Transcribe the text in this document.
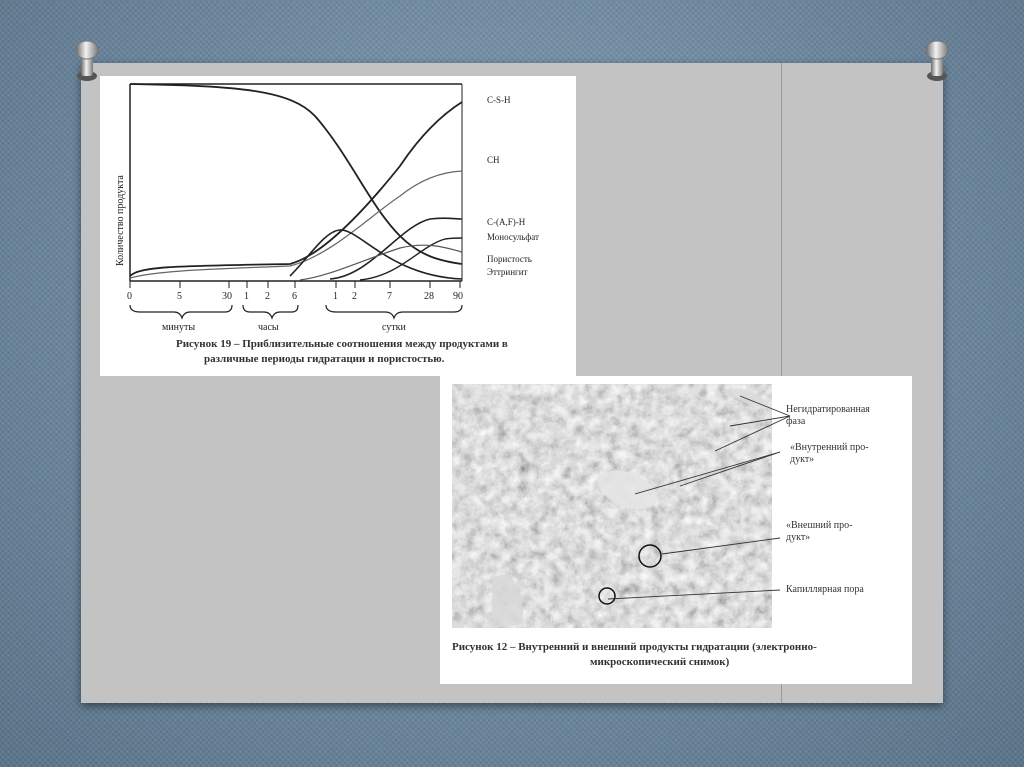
Количество продукта
C-S-H
CH
C-(A,F)-H
Моносульфат
Пористость
Эттрингит
0	5	30 1 2 6	1 2	7	28 90
минуты	часы	сутки
Рисунок 19 – Приблизительные соотношения между продуктами в
различные периоды гидратации и пористостью.
Негидратированная
фаза
«Внутренний про-
дукт»
«Внешний про-
дукт»
Капиллярная пора
Рисунок 12 – Внутренний и внешний продукты гидратации (электронно-
микроскопический снимок)
